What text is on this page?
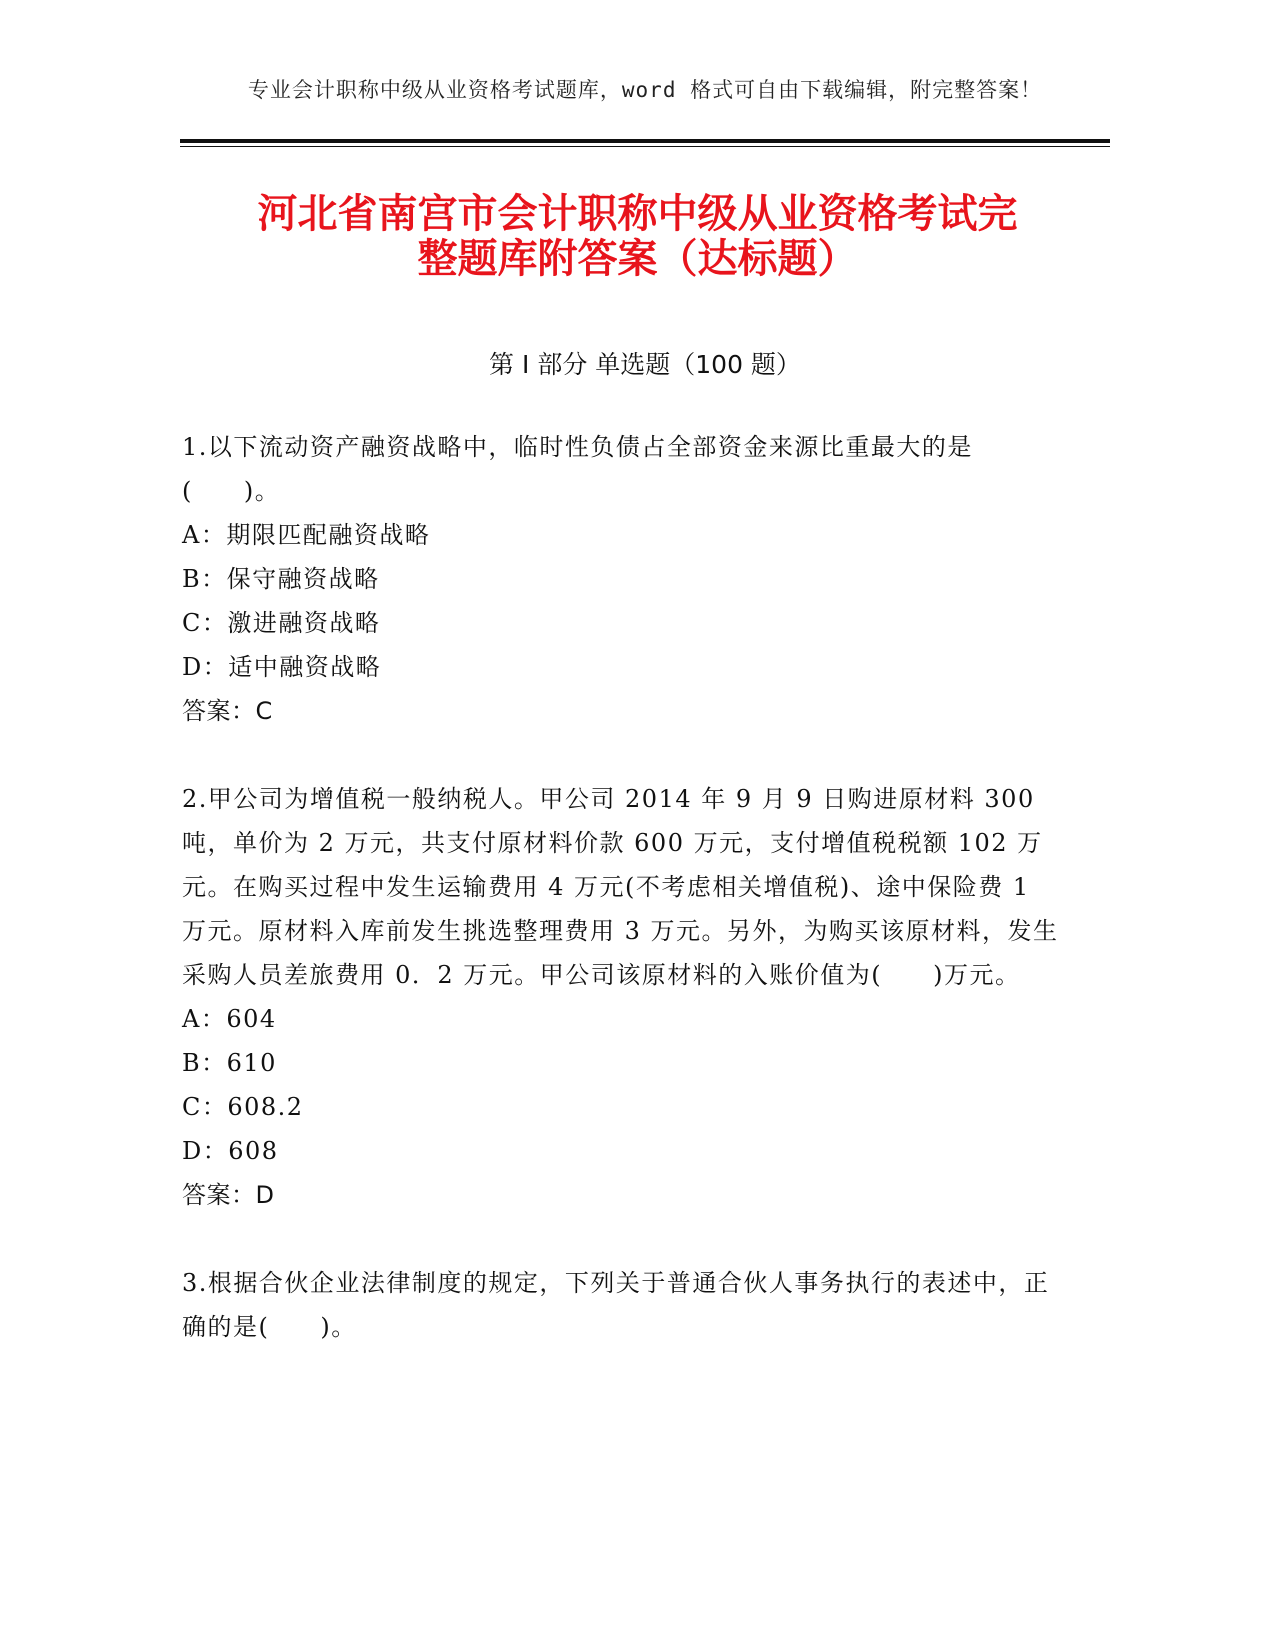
专业会计职称中级从业资格考试题库，word 格式可自由下载编辑，附完整答案！
河北省南宫市会计职称中级从业资格考试完
整题库附答案（达标题）
第 I 部分 单选题（100 题）
1.以下流动资产融资战略中，临时性负债占全部资金来源比重最大的是(　　)。
A：期限匹配融资战略
B：保守融资战略
C：激进融资战略
D：适中融资战略
答案：C
2.甲公司为增值税一般纳税人。甲公司 2014 年 9 月 9 日购进原材料 300 吨，单价为 2 万元，共支付原材料价款 600 万元，支付增值税税额 102 万元。在购买过程中发生运输费用 4 万元(不考虑相关增值税)、途中保险费 1 万元。原材料入库前发生挑选整理费用 3 万元。另外，为购买该原材料，发生采购人员差旅费用 0．2 万元。甲公司该原材料的入账价值为(　　)万元。
A：604
B：610
C：608.2
D：608
答案：D
3.根据合伙企业法律制度的规定，下列关于普通合伙人事务执行的表述中，正确的是(　　)。
